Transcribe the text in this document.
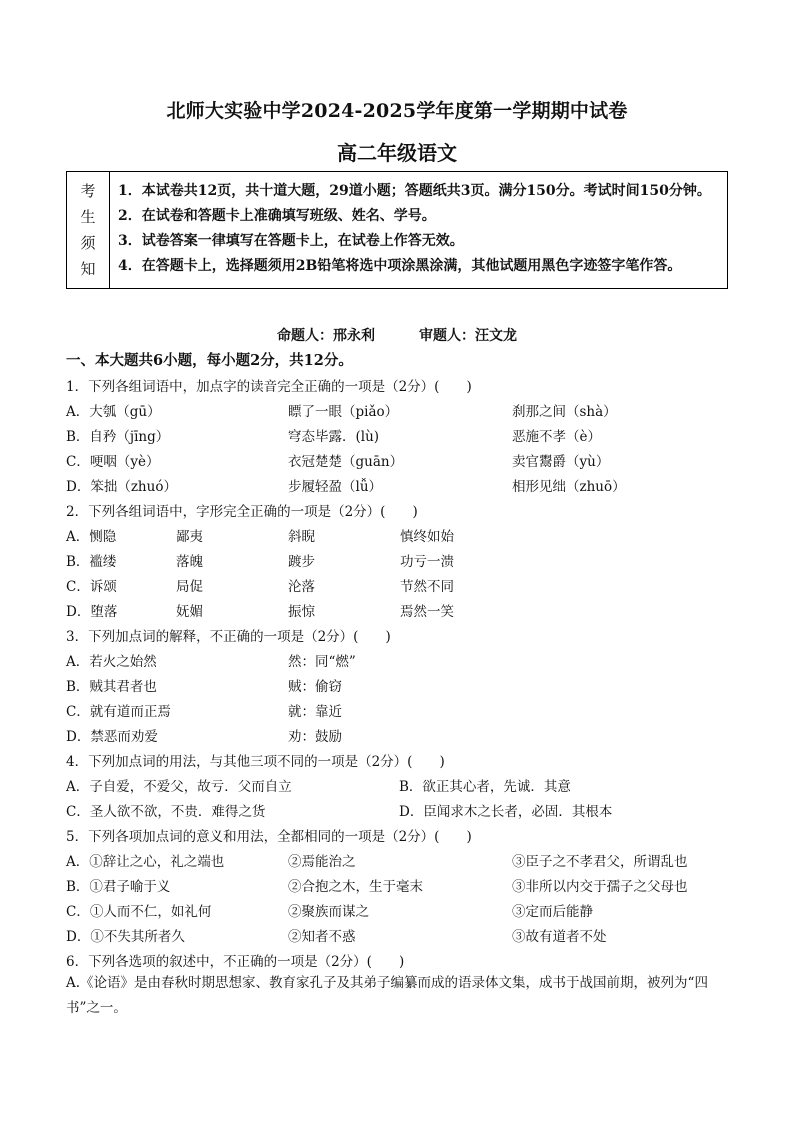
北师大实验中学2024-2025学年度第一学期期中试卷
高二年级语文
考
生
须
知

1．本试卷共12页，共十道大题，29道小题；答题纸共3页。满分150分。考试时间150分钟。
2．在试卷和答题卡上准确填写班级、姓名、学号。
3．试卷答案一律填写在答题卡上，在试卷上作答无效。
4．在答题卡上，选择题须用2B铅笔将选中项涂黑涂满，其他试题用黑色字迹签字笔作答。
命题人：邢永利	审题人：汪文龙
一、本大题共6小题，每小题2分，共12分。
1．下列各组词语中，加点字的读音完全正确的一项是（2分）(　　)
A．大瓠（gū）	瞟了一眼（piǎo）	刹那之间（shà）
B．自矜（jīng）	穹态毕露．(lù)	恶施不孝（è）
C．哽咽（yè）	衣冠楚楚（guān）	卖官鬻爵（yù）
D．笨拙（zhuó）	步履轻盈（lǚ）	相形见绌（zhuō）
2．下列各组词语中，字形完全正确的一项是（2分）(　　)
A．恻隐	鄙夷	斜睨	慎终如始
B．褴缕	落魄	踱步	功亏一溃
C．诉颂	局促	沦落	节然不同
D．堕落	妩媚	振惊	焉然一笑
3．下列加点词的解释，不正确的一项是（2分）(　　)
A．若火之始然	然：同“燃”
B．贼其君者也	贼：偷窃
C．就有道而正焉	就：靠近
D．禁恶而劝爱	劝：鼓励
4．下列加点词的用法，与其他三项不同的一项是（2分）(　　)
A．子自爱，不爱父，故亏．父而自立	B．欲正其心者，先诚．其意
C．圣人欲不欲，不贵．难得之货	D．臣闻求木之长者，必固．其根本
5．下列各项加点词的意义和用法，全都相同的一项是（2分）(　　)
A．①辞让之心，礼之端也	②焉能治之	③臣子之不孝君父，所谓乱也
B．①君子喻于义	②合抱之木，生于毫末	③非所以内交于孺子之父母也
C．①人而不仁，如礼何	②聚族而谋之	③定而后能静
D．①不失其所者久	②知者不惑	③故有道者不处
6．下列各选项的叙述中，不正确的一项是（2分）(　　)
A.《论语》是由春秋时期思想家、教育家孔子及其弟子编纂而成的语录体文集，成书于战国前期，被列为“四书”之一。
